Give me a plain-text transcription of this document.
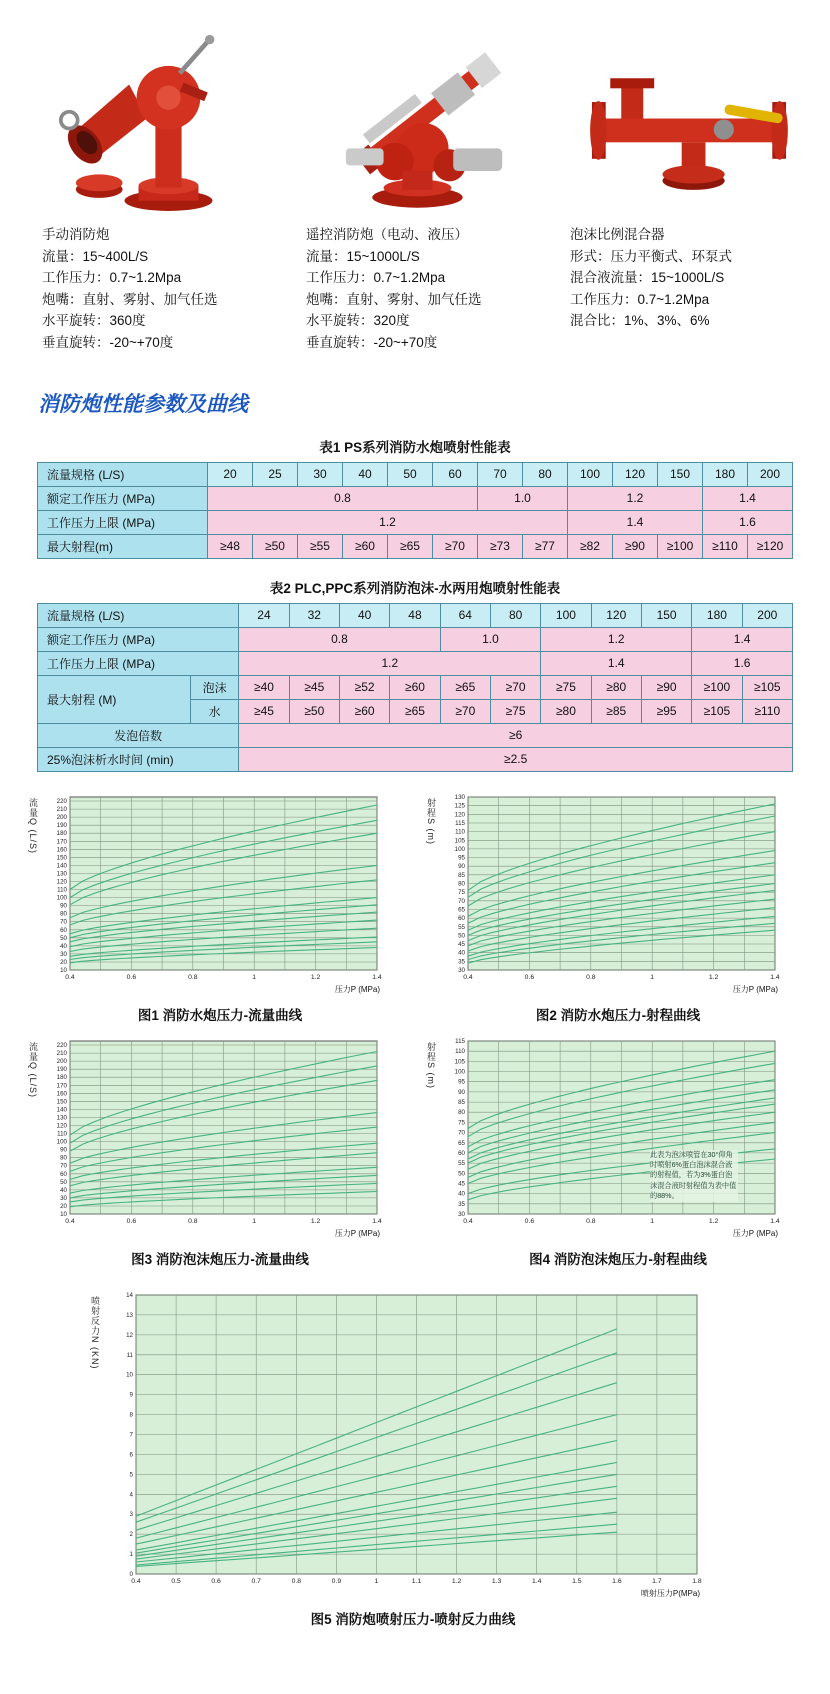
手动消防炮
流量：15~400L/S
工作压力：0.7~1.2Mpa
炮嘴：直射、雾射、加气任选
水平旋转：360度
垂直旋转：-20~+70度
遥控消防炮（电动、液压）
流量：15~1000L/S
工作压力：0.7~1.2Mpa
炮嘴：直射、雾射、加气任选
水平旋转：320度
垂直旋转：-20~+70度
泡沫比例混合器
形式：压力平衡式、环泵式
混合液流量：15~1000L/S
工作压力：0.7~1.2Mpa
混合比：1%、3%、6%
消防炮性能参数及曲线
表1 PS系列消防水炮喷射性能表
流量规格 (L/S)	20	25	30	40	50	60	70	80	100	120	150	180	200
额定工作压力 (MPa)	0.8						1.0		1.2			1.4	
工作压力上限 (MPa)	1.2								1.4			1.6	
最大射程(m)	≥48	≥50	≥55	≥60	≥65	≥70	≥73	≥77	≥82	≥90	≥100	≥110	≥120
表2 PLC,PPC系列消防泡沫-水两用炮喷射性能表
流量规格 (L/S)		24	32	40	48	64	80	100	120	150	180	200
额定工作压力 (MPa)		0.8				1.0		1.2			1.4	
工作压力上限 (MPa)		1.2						1.4			1.6	
最大射程 (M)	泡沫	≥40	≥45	≥52	≥60	≥65	≥70	≥75	≥80	≥90	≥100	≥105
	水	≥45	≥50	≥60	≥65	≥70	≥75	≥80	≥85	≥95	≥105	≥110
发泡倍数		≥6										
25%泡沫析水时间 (min)		≥2.5										
流量Q (L/S)
10
20
30
40
50
60
70
80
90
100
110
120
130
140
150
160
170
180
190
200
210
220
0.4	0.6	0.8	1	1.2	1.4
压力P (MPa)
图1 消防水炮压力-流量曲线
射程S (m)
30
35
40
45
50
55
60
65
70
75
80
85
90
95
100
105
110
115
120
125
130
0.4	0.6	0.8	1	1.2	1.4
压力P (MPa)
图2 消防水炮压力-射程曲线
流量Q (L/S)
10
20
30
40
50
60
70
80
90
100
110
120
130
140
150
160
170
180
190
200
210
220
0.4	0.6	0.8	1	1.2	1.4
压力P (MPa)
图3 消防泡沫炮压力-流量曲线
射程S (m)
30
35
40
45
50
55
60
65
70
75
80
85
90
95
100
105
110
115
0.4	0.6	0.8	1	1.2	1.4
压力P (MPa)
此表为泡沫喷管在30°仰角时喷射6%蛋白泡沫混合液的射程值，若为3%蛋白泡沫混合液时射程值为表中值的88%。
图4 消防泡沫炮压力-射程曲线
喷射反力N (KN)
0
1
2
3
4
5
6
7
8
9
10
11
12
13
14
0.4	0.5	0.6	0.7	0.8	0.9	1	1.1	1.2	1.3	1.4	1.5	1.6	1.7	1.8
喷射压力P(MPa)
图5 消防炮喷射压力-喷射反力曲线
